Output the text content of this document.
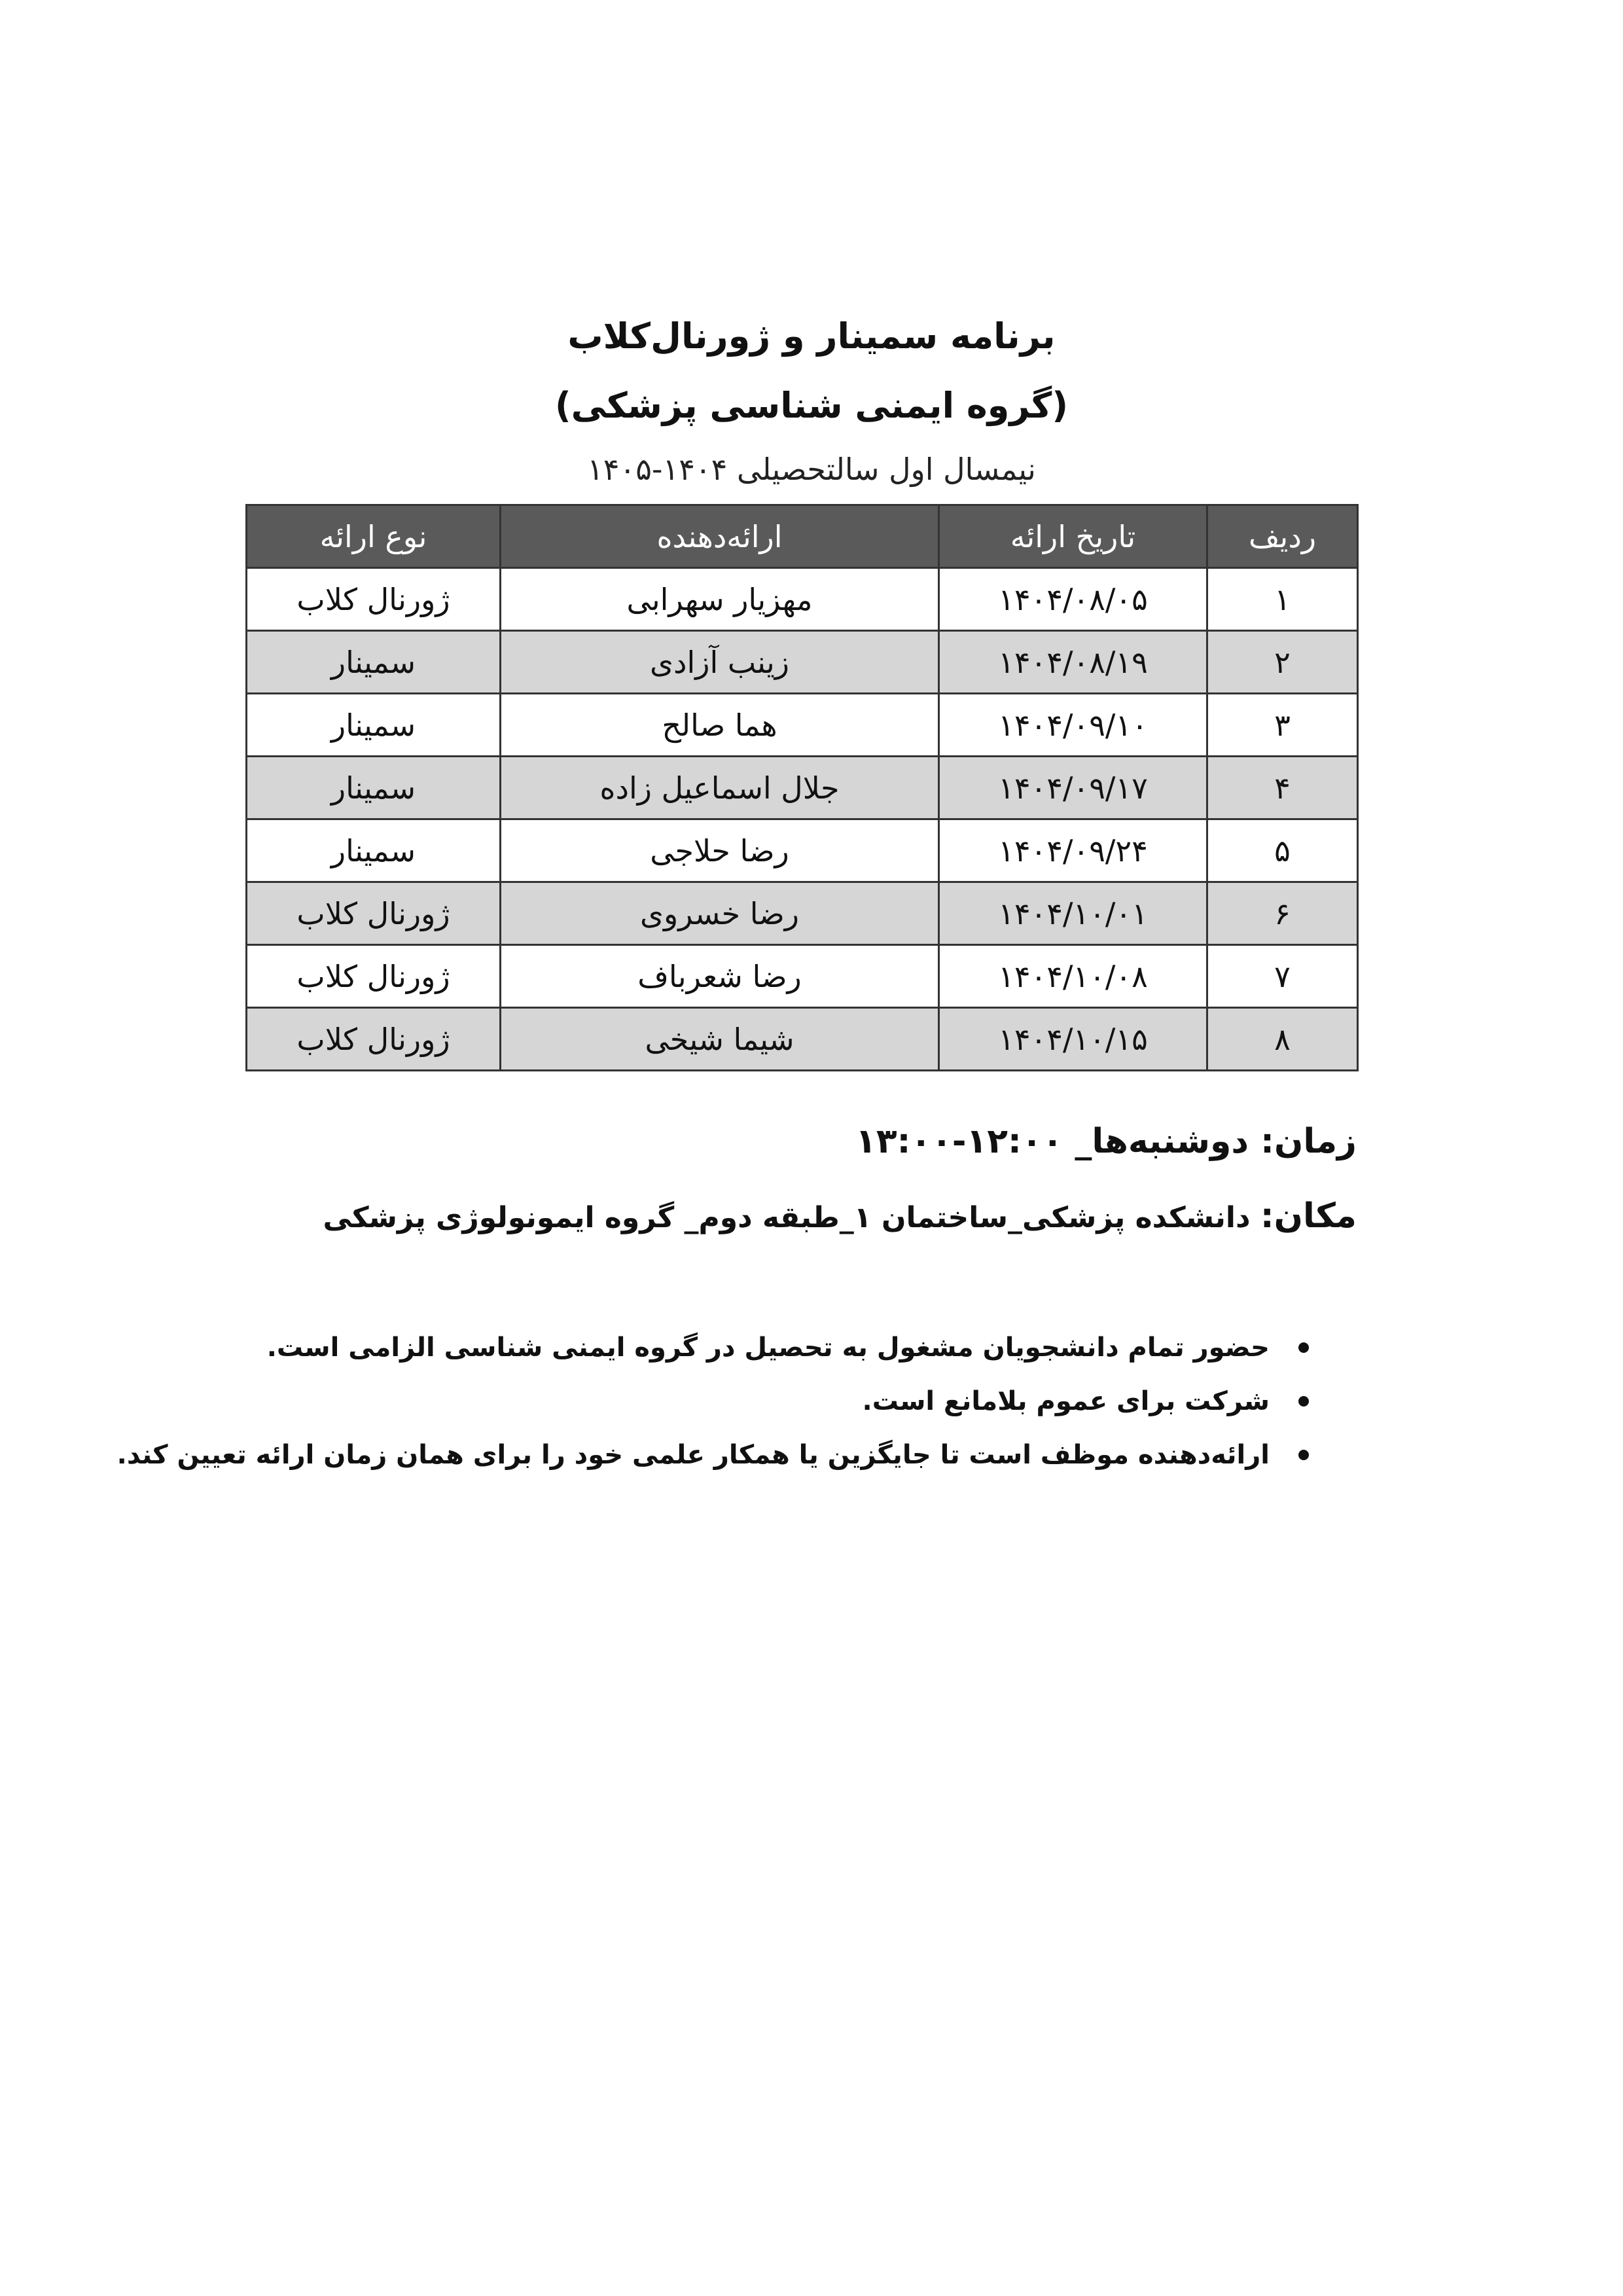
برنامه سمینار و ژورنال‌کلاب
(گروه ایمنی شناسی پزشکی)
نیمسال اول سالتحصیلی ۱۴۰۴-۱۴۰۵
ردیف	تاریخ ارائه	ارائه‌دهنده	نوع ارائه
۱	۱۴۰۴/۰۸/۰۵	مهزیار سهرابی	ژورنال کلاب
۲	۱۴۰۴/۰۸/۱۹	زینب آزادی	سمینار
۳	۱۴۰۴/۰۹/۱۰	هما صالح	سمینار
۴	۱۴۰۴/۰۹/۱۷	جلال اسماعیل زاده	سمینار
۵	۱۴۰۴/۰۹/۲۴	رضا حلاجی	سمینار
۶	۱۴۰۴/۱۰/۰۱	رضا خسروی	ژورنال کلاب
۷	۱۴۰۴/۱۰/۰۸	رضا شعرباف	ژورنال کلاب
۸	۱۴۰۴/۱۰/۱۵	شیما شیخی	ژورنال کلاب
زمان: دوشنبه‌ها_ ۱۲:۰۰-۱۳:۰۰
مکان: دانشکده پزشکی_ساختمان ۱_طبقه دوم_ گروه ایمونولوژی پزشکی
حضور تمام دانشجویان مشغول به تحصیل در گروه ایمنی شناسی الزامی است.
شرکت برای عموم بلامانع است.
ارائه‌دهنده موظف است تا جایگزین یا همکار علمی خود را برای همان زمان ارائه تعیین کند.
